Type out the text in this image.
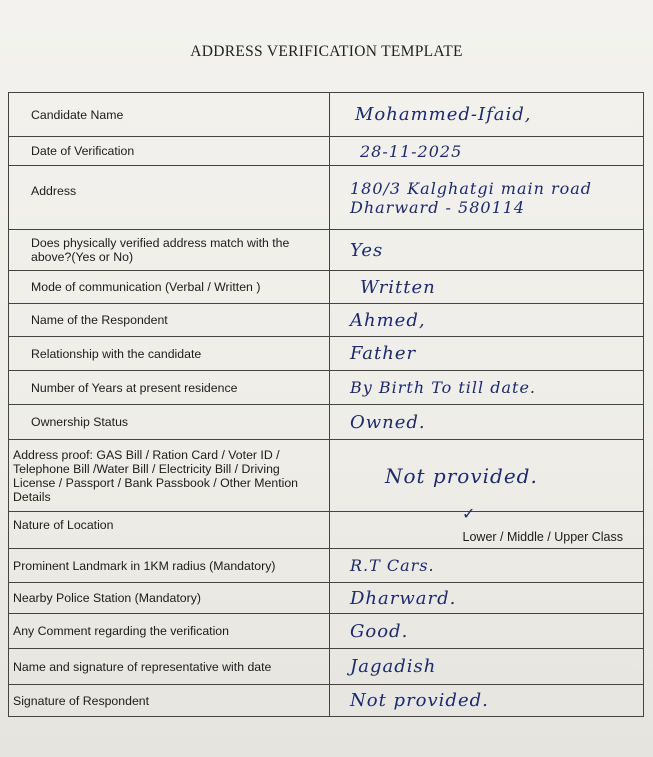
ADDRESS VERIFICATION TEMPLATE
Candidate Name	Mohammed-Ifaid,

Date of Verification	28-11-2025

Address	180/3 Kalghatgi main road
Dharward - 580114

Does physically verified address match with the above?(Yes or No)	Yes

Mode of communication (Verbal / Written )	Written

Name of the Respondent	Ahmed,

Relationship with the candidate	Father

Number of Years at present residence	By Birth To till date.

Ownership Status	Owned.

Address proof: GAS Bill / Ration Card / Voter ID / Telephone Bill /Water Bill / Electricity Bill / Driving License / Passport / Bank Passbook / Other Mention Details	Not provided.

Nature of Location	Lower / Middle / Upper Class
✓

Prominent Landmark in 1KM radius (Mandatory)	R.T Cars.

Nearby Police Station (Mandatory)	Dharward.

Any Comment regarding the verification	Good.

Name and signature of representative with date	Jagadish

Signature of Respondent	Not provided.
